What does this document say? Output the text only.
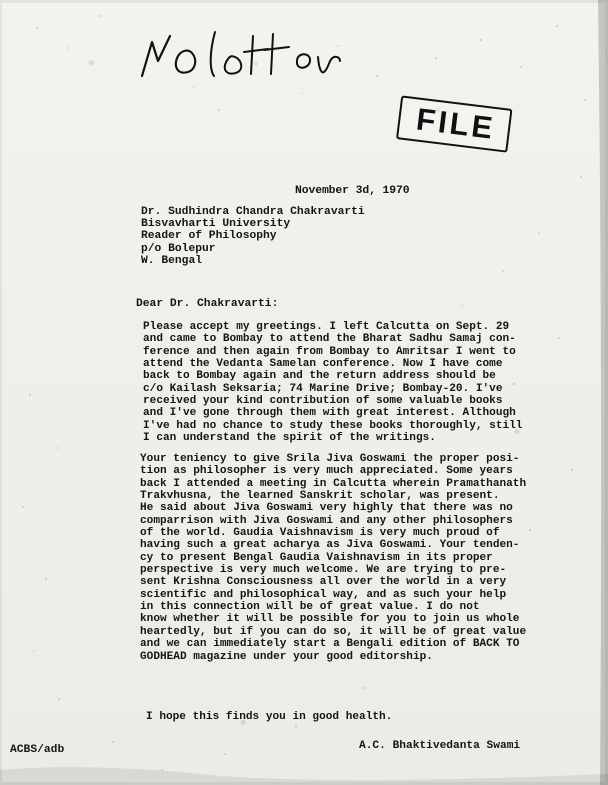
FILE
November 3d, 1970
Dr. Sudhindra Chandra Chakravarti
Bisvavharti University
Reader of Philosophy
p/o Bolepur
W. Bengal
Dear Dr. Chakravarti:
Please accept my greetings. I left Calcutta on Sept. 29
and came to Bombay to attend the Bharat Sadhu Samaj con-
ference and then again from Bombay to Amritsar I went to
attend the Vedanta Samelan conference. Now I have come
back to Bombay again and the return address should be
c/o Kailash Seksaria; 74 Marine Drive; Bombay-20. I've
received your kind contribution of some valuable books
and I've gone through them with great interest. Although
I've had no chance to study these books thoroughly, still
I can understand the spirit of the writings.
Your teniency to give Srila Jiva Goswami the proper posi-
tion as philosopher is very much appreciated. Some years
back I attended a meeting in Calcutta wherein Pramathanath
Trakvhusna, the learned Sanskrit scholar, was present.
He said about Jiva Goswami very highly that there was no
comparrison with Jiva Goswami and any other philosophers
of the world. Gaudia Vaishnavism is very much proud of
having such a great acharya as Jiva Goswami. Your tenden-
cy to present Bengal Gaudia Vaishnavism in its proper
perspective is very much welcome. We are trying to pre-
sent Krishna Consciousness all over the world in a very
scientific and philosophical way, and as such your help
in this connection will be of great value. I do not
know whether it will be possible for you to join us whole
heartedly, but if you can do so, it will be of great value
and we can immediately start a Bengali edition of BACK TO
GODHEAD magazine under your good editorship.
I hope this finds you in good health.
A.C. Bhaktivedanta Swami
ACBS/adb
